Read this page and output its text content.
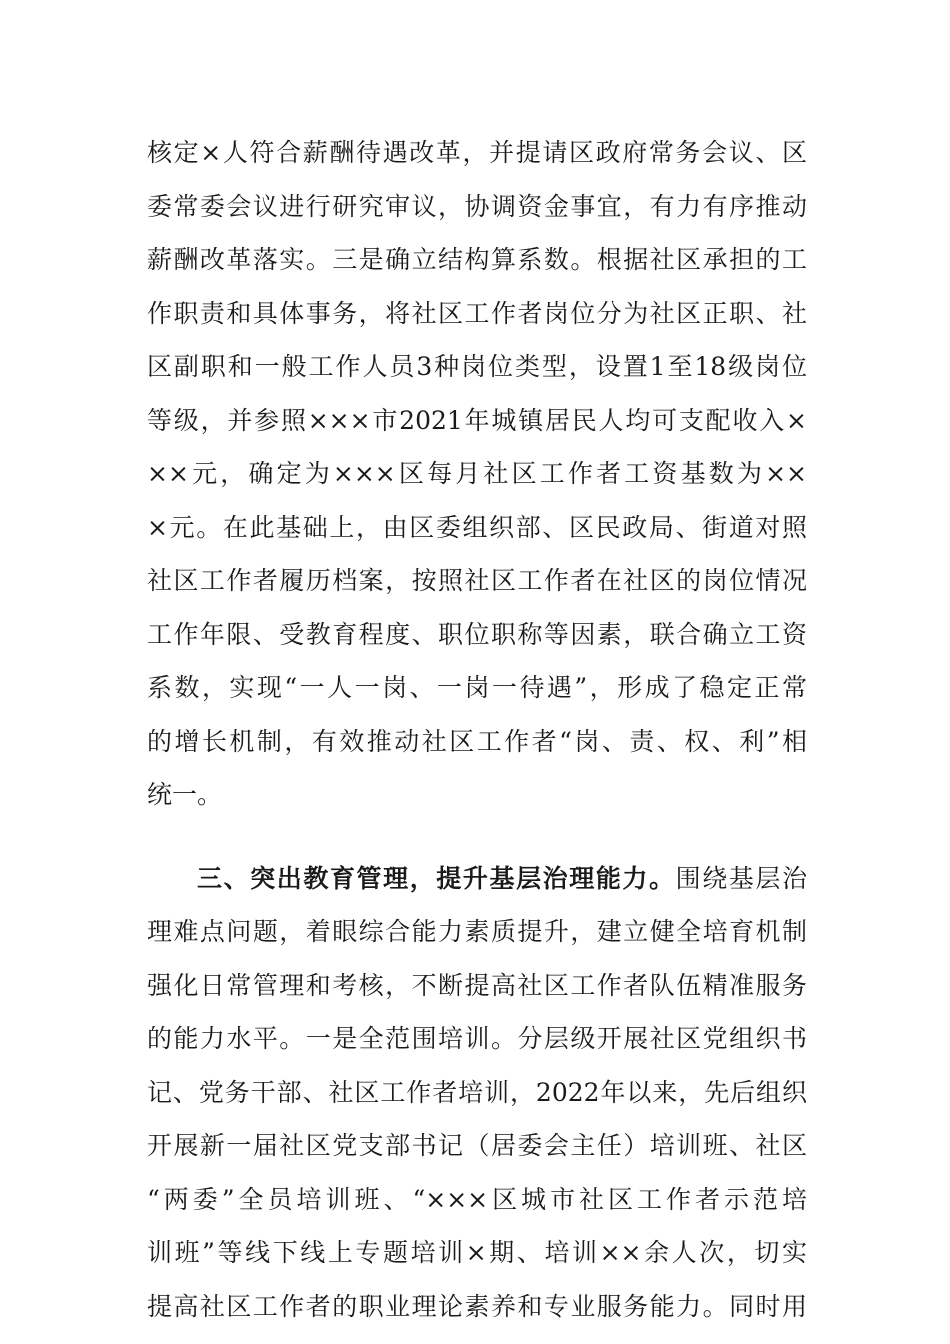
核定×人符合薪酬待遇改革，并提请区政府常务会议、区
委常委会议进行研究审议，协调资金事宜，有力有序推动
薪酬改革落实。三是确立结构算系数。根据社区承担的工
作职责和具体事务，将社区工作者岗位分为社区正职、社
区副职和一般工作人员3种岗位类型，设置1至18级岗位
等级，并参照×××市2021年城镇居民人均可支配收入×
××元，确定为×××区每月社区工作者工资基数为××
×元。在此基础上，由区委组织部、区民政局、街道对照
社区工作者履历档案，按照社区工作者在社区的岗位情况
工作年限、受教育程度、职位职称等因素，联合确立工资
系数，实现“一人一岗、一岗一待遇”，形成了稳定正常
的增长机制，有效推动社区工作者“岗、责、权、利”相
统一。
三、突出教育管理，提升基层治理能力。围绕基层治
理难点问题，着眼综合能力素质提升，建立健全培育机制
强化日常管理和考核，不断提高社区工作者队伍精准服务
的能力水平。一是全范围培训。分层级开展社区党组织书
记、党务干部、社区工作者培训，2022年以来，先后组织
开展新一届社区党支部书记（居委会主任）培训班、社区
“两委”全员培训班、“×××区城市社区工作者示范培
训班”等线下线上专题培训×期、培训××余人次，切实
提高社区工作者的职业理论素养和专业服务能力。同时用
